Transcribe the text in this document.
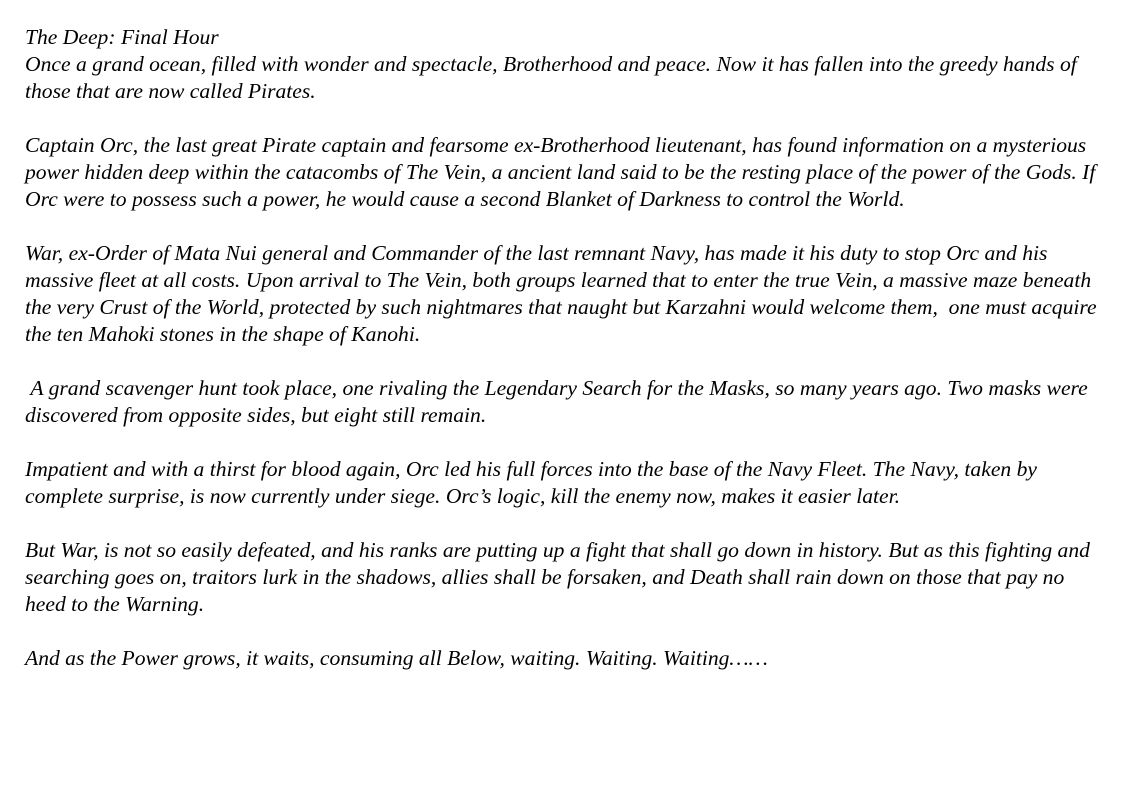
The Deep: Final Hour

Once a grand ocean, filled with wonder and spectacle, Brotherhood and peace. Now it has fallen into the greedy hands of those that are now called Pirates.

Captain Orc, the last great Pirate captain and fearsome ex-Brotherhood lieutenant, has found information on a mysterious power hidden deep within the catacombs of The Vein, a ancient land said to be the resting place of the power of the Gods. If Orc were to possess such a power, he would cause a second Blanket of Darkness to control the World.

War, ex-Order of Mata Nui general and Commander of the last remnant Navy, has made it his duty to stop Orc and his massive fleet at all costs. Upon arrival to The Vein, both groups learned that to enter the true Vein, a massive maze beneath the very Crust of the World, protected by such nightmares that naught but Karzahni would welcome them,  one must acquire the ten Mahoki stones in the shape of Kanohi.

A grand scavenger hunt took place, one rivaling the Legendary Search for the Masks, so many years ago. Two masks were discovered from opposite sides, but eight still remain.

Impatient and with a thirst for blood again, Orc led his full forces into the base of the Navy Fleet. The Navy, taken by complete surprise, is now currently under siege. Orc’s logic, kill the enemy now, makes it easier later.

But War, is not so easily defeated, and his ranks are putting up a fight that shall go down in history. But as this fighting and searching goes on, traitors lurk in the shadows, allies shall be forsaken, and Death shall rain down on those that pay no heed to the Warning.

And as the Power grows, it waits, consuming all Below, waiting. Waiting. Waiting……
